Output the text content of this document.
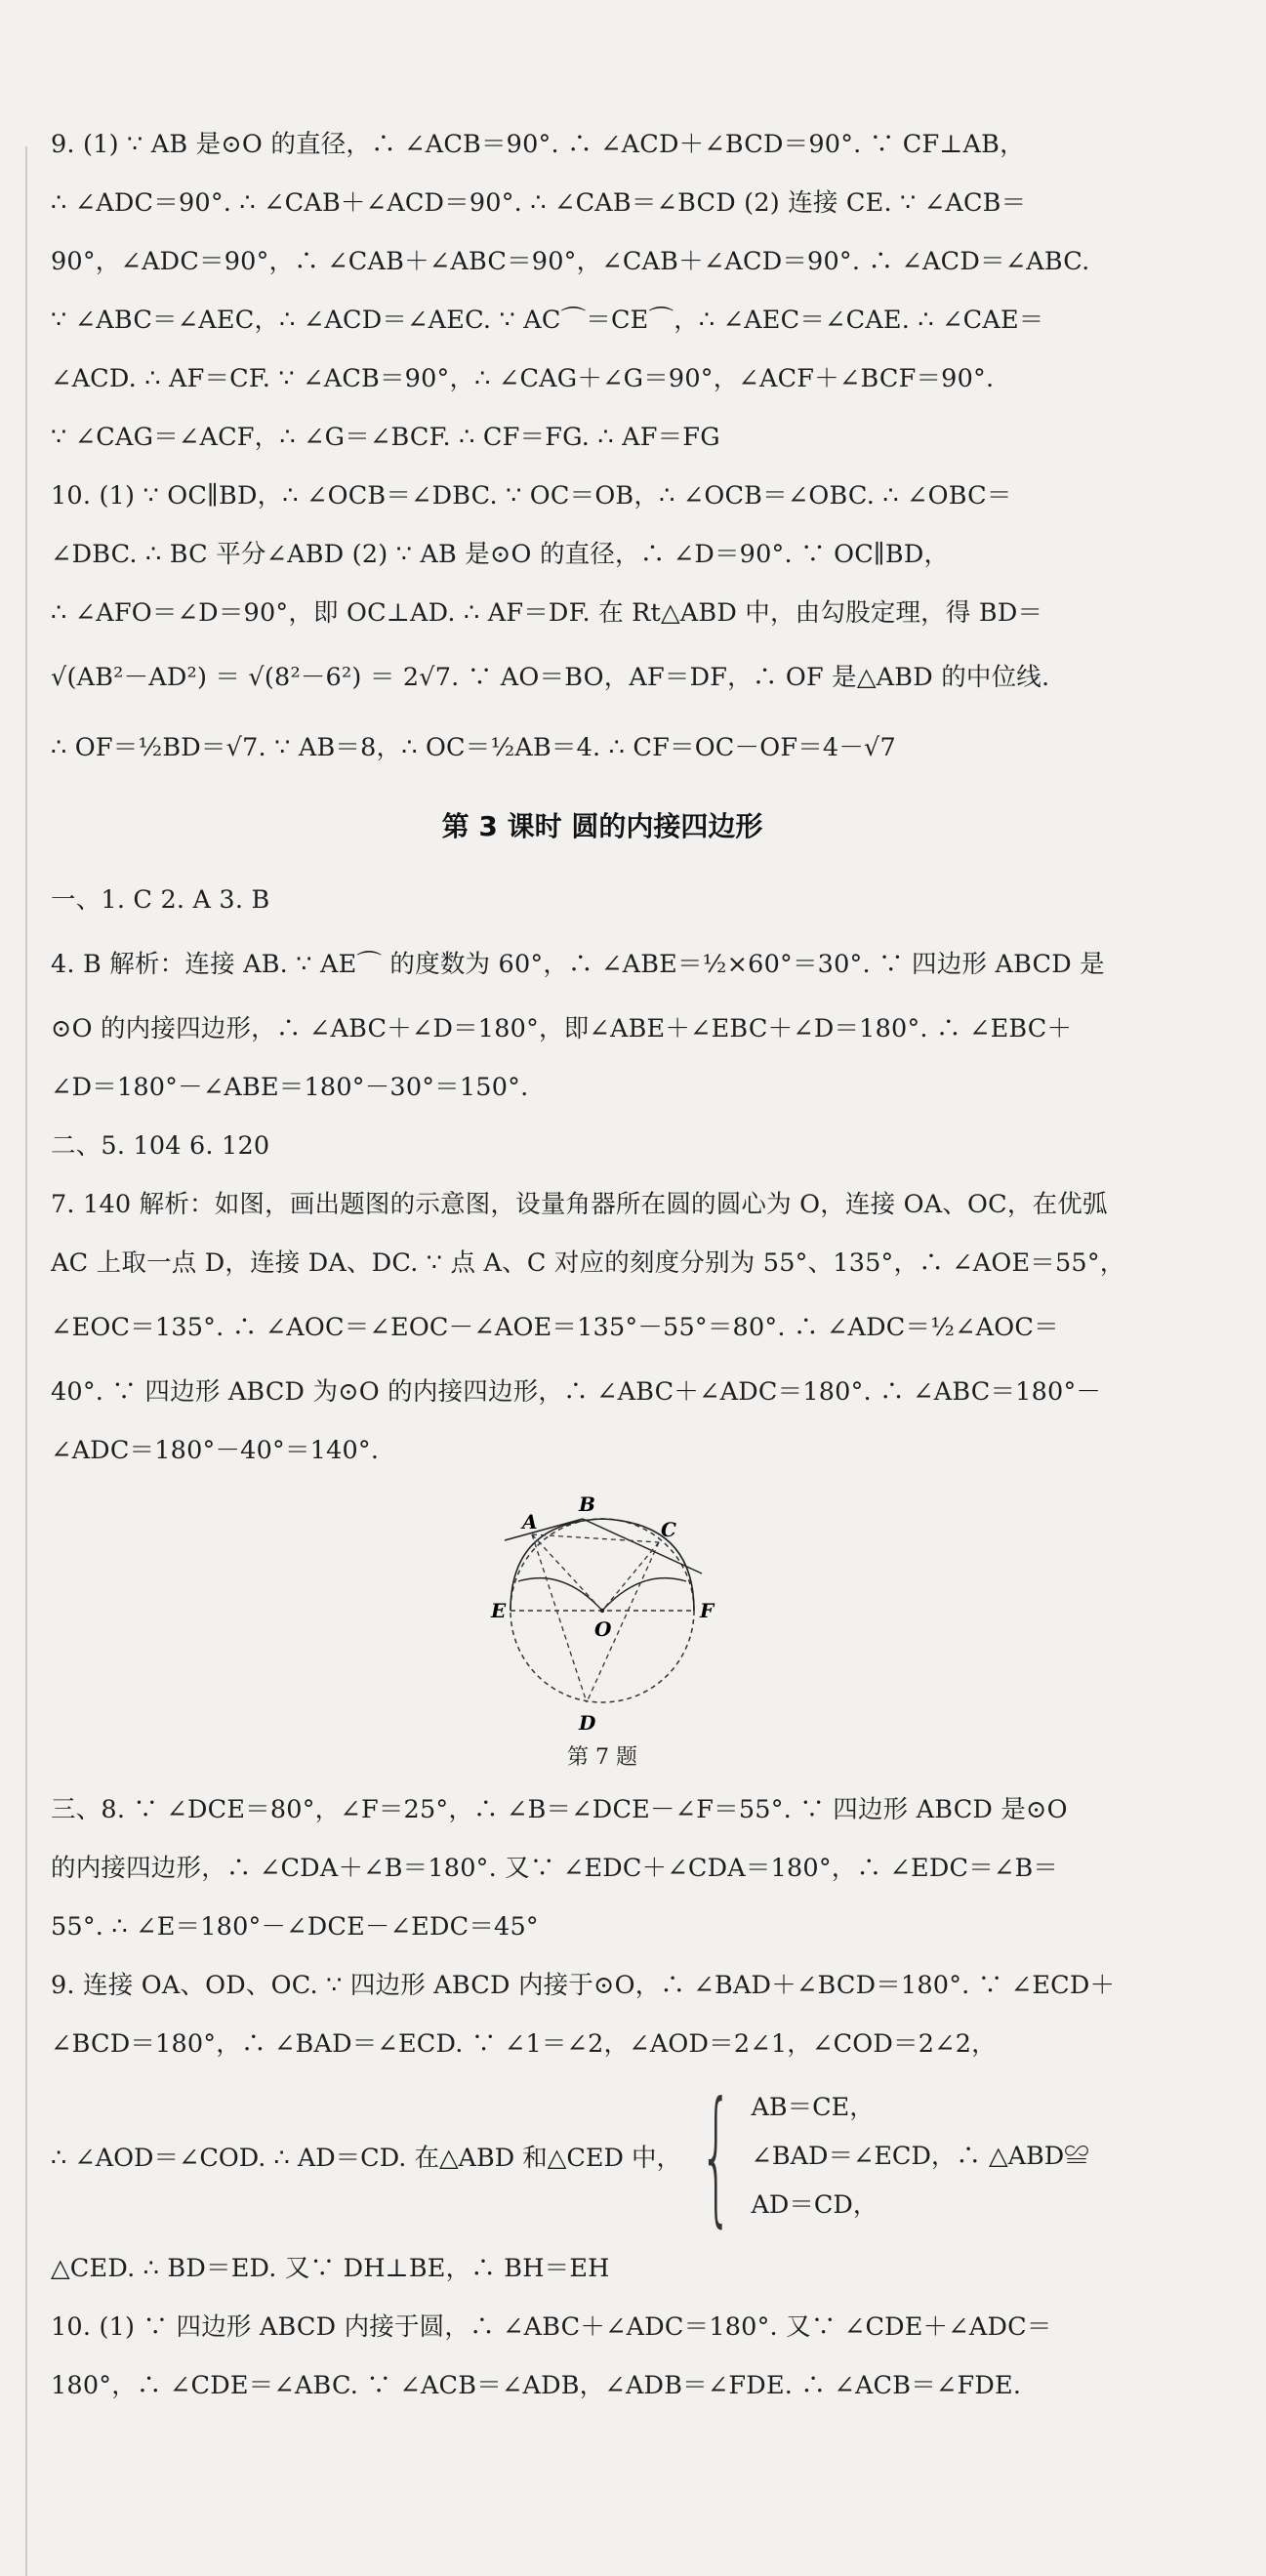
9. (1) ∵ AB 是⊙O 的直径，∴ ∠ACB＝90°. ∴ ∠ACD＋∠BCD＝90°. ∵ CF⊥AB，
∴ ∠ADC＝90°. ∴ ∠CAB＋∠ACD＝90°. ∴ ∠CAB＝∠BCD (2) 连接 CE. ∵ ∠ACB＝
90°，∠ADC＝90°，∴ ∠CAB＋∠ABC＝90°，∠CAB＋∠ACD＝90°. ∴ ∠ACD＝∠ABC.
∵ ∠ABC＝∠AEC，∴ ∠ACD＝∠AEC. ∵ AC⌒＝CE⌒，∴ ∠AEC＝∠CAE. ∴ ∠CAE＝
∠ACD. ∴ AF＝CF. ∵ ∠ACB＝90°，∴ ∠CAG＋∠G＝90°，∠ACF＋∠BCF＝90°.
∵ ∠CAG＝∠ACF，∴ ∠G＝∠BCF. ∴ CF＝FG. ∴ AF＝FG
10. (1) ∵ OC∥BD，∴ ∠OCB＝∠DBC. ∵ OC＝OB，∴ ∠OCB＝∠OBC. ∴ ∠OBC＝
∠DBC. ∴ BC 平分∠ABD (2) ∵ AB 是⊙O 的直径，∴ ∠D＝90°. ∵ OC∥BD，
∴ ∠AFO＝∠D＝90°，即 OC⊥AD. ∴ AF＝DF. 在 Rt△ABD 中，由勾股定理，得 BD＝
√(AB²－AD²) ＝ √(8²－6²) ＝ 2√7. ∵ AO＝BO，AF＝DF，∴ OF 是△ABD 的中位线.
∴ OF＝½BD＝√7. ∵ AB＝8，∴ OC＝½AB＝4. ∴ CF＝OC－OF＝4－√7
第 3 课时 圆的内接四边形
一、1. C 2. A 3. B
4. B 解析：连接 AB. ∵ AE⌒ 的度数为 60°，∴ ∠ABE＝½×60°＝30°. ∵ 四边形 ABCD 是
⊙O 的内接四边形，∴ ∠ABC＋∠D＝180°，即∠ABE＋∠EBC＋∠D＝180°. ∴ ∠EBC＋
∠D＝180°－∠ABE＝180°－30°＝150°.
二、5. 104 6. 120
7. 140 解析：如图，画出题图的示意图，设量角器所在圆的圆心为 O，连接 OA、OC，在优弧
AC 上取一点 D，连接 DA、DC. ∵ 点 A、C 对应的刻度分别为 55°、135°，∴ ∠AOE＝55°，
∠EOC＝135°. ∴ ∠AOC＝∠EOC－∠AOE＝135°－55°＝80°. ∴ ∠ADC＝½∠AOC＝
40°. ∵ 四边形 ABCD 为⊙O 的内接四边形，∴ ∠ABC＋∠ADC＝180°. ∴ ∠ABC＝180°－
∠ADC＝180°－40°＝140°.
A
B
C
D
E	F
O
第 7 题
三、8. ∵ ∠DCE＝80°，∠F＝25°，∴ ∠B＝∠DCE－∠F＝55°. ∵ 四边形 ABCD 是⊙O
的内接四边形，∴ ∠CDA＋∠B＝180°. 又∵ ∠EDC＋∠CDA＝180°，∴ ∠EDC＝∠B＝
55°. ∴ ∠E＝180°－∠DCE－∠EDC＝45°
9. 连接 OA、OD、OC. ∵ 四边形 ABCD 内接于⊙O，∴ ∠BAD＋∠BCD＝180°. ∵ ∠ECD＋
∠BCD＝180°，∴ ∠BAD＝∠ECD. ∵ ∠1＝∠2，∠AOD＝2∠1，∠COD＝2∠2，
∴ ∠AOD＝∠COD. ∴ AD＝CD. 在△ABD 和△CED 中， { AB＝CE，
∠BAD＝∠ECD，∴ △ABD≌
AD＝CD，
△CED. ∴ BD＝ED. 又∵ DH⊥BE，∴ BH＝EH
10. (1) ∵ 四边形 ABCD 内接于圆，∴ ∠ABC＋∠ADC＝180°. 又∵ ∠CDE＋∠ADC＝
180°，∴ ∠CDE＝∠ABC. ∵ ∠ACB＝∠ADB，∠ADB＝∠FDE. ∴ ∠ACB＝∠FDE.
